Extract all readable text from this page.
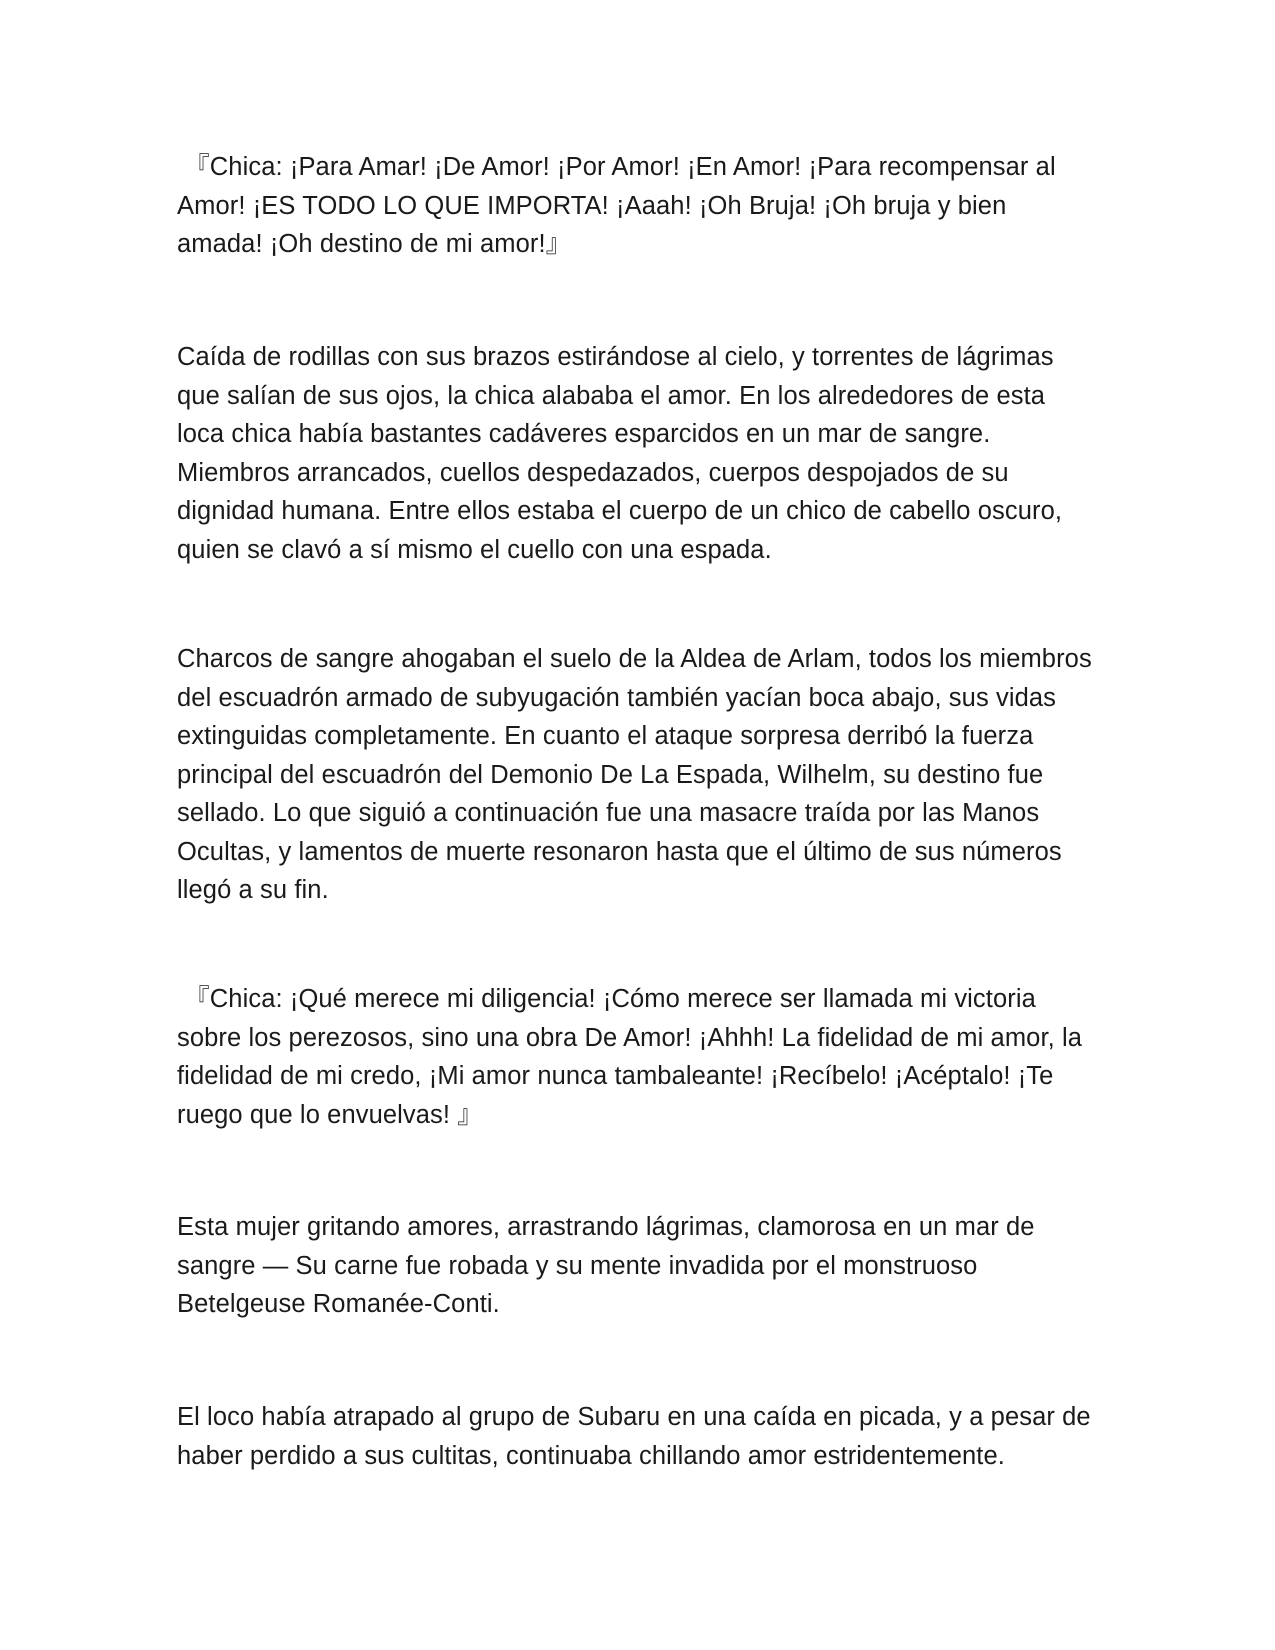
『Chica: ¡Para Amar! ¡De Amor! ¡Por Amor! ¡En Amor! ¡Para recompensar al Amor! ¡ES TODO LO QUE IMPORTA! ¡Aaah! ¡Oh Bruja! ¡Oh bruja y bien amada! ¡Oh destino de mi amor!』

Caída de rodillas con sus brazos estirándose al cielo, y torrentes de lágrimas que salían de sus ojos, la chica alababa el amor. En los alrededores de esta loca chica había bastantes cadáveres esparcidos en un mar de sangre. Miembros arrancados, cuellos despedazados, cuerpos despojados de su dignidad humana. Entre ellos estaba el cuerpo de un chico de cabello oscuro, quien se clavó a sí mismo el cuello con una espada.

Charcos de sangre ahogaban el suelo de la Aldea de Arlam, todos los miembros del escuadrón armado de subyugación también yacían boca abajo, sus vidas extinguidas completamente. En cuanto el ataque sorpresa derribó la fuerza principal del escuadrón del Demonio De La Espada, Wilhelm, su destino fue sellado. Lo que siguió a continuación fue una masacre traída por las Manos Ocultas, y lamentos de muerte resonaron hasta que el último de sus números llegó a su fin.

『Chica: ¡Qué merece mi diligencia! ¡Cómo merece ser llamada mi victoria sobre los perezosos, sino una obra De Amor! ¡Ahhh! La fidelidad de mi amor, la fidelidad de mi credo, ¡Mi amor nunca tambaleante! ¡Recíbelo! ¡Acéptalo! ¡Te ruego que lo envuelvas! 』

Esta mujer gritando amores, arrastrando lágrimas, clamorosa en un mar de sangre — Su carne fue robada y su mente invadida por el monstruoso Betelgeuse Romanée-Conti.

El loco había atrapado al grupo de Subaru en una caída en picada, y a pesar de haber perdido a sus cultitas, continuaba chillando amor estridentemente.
